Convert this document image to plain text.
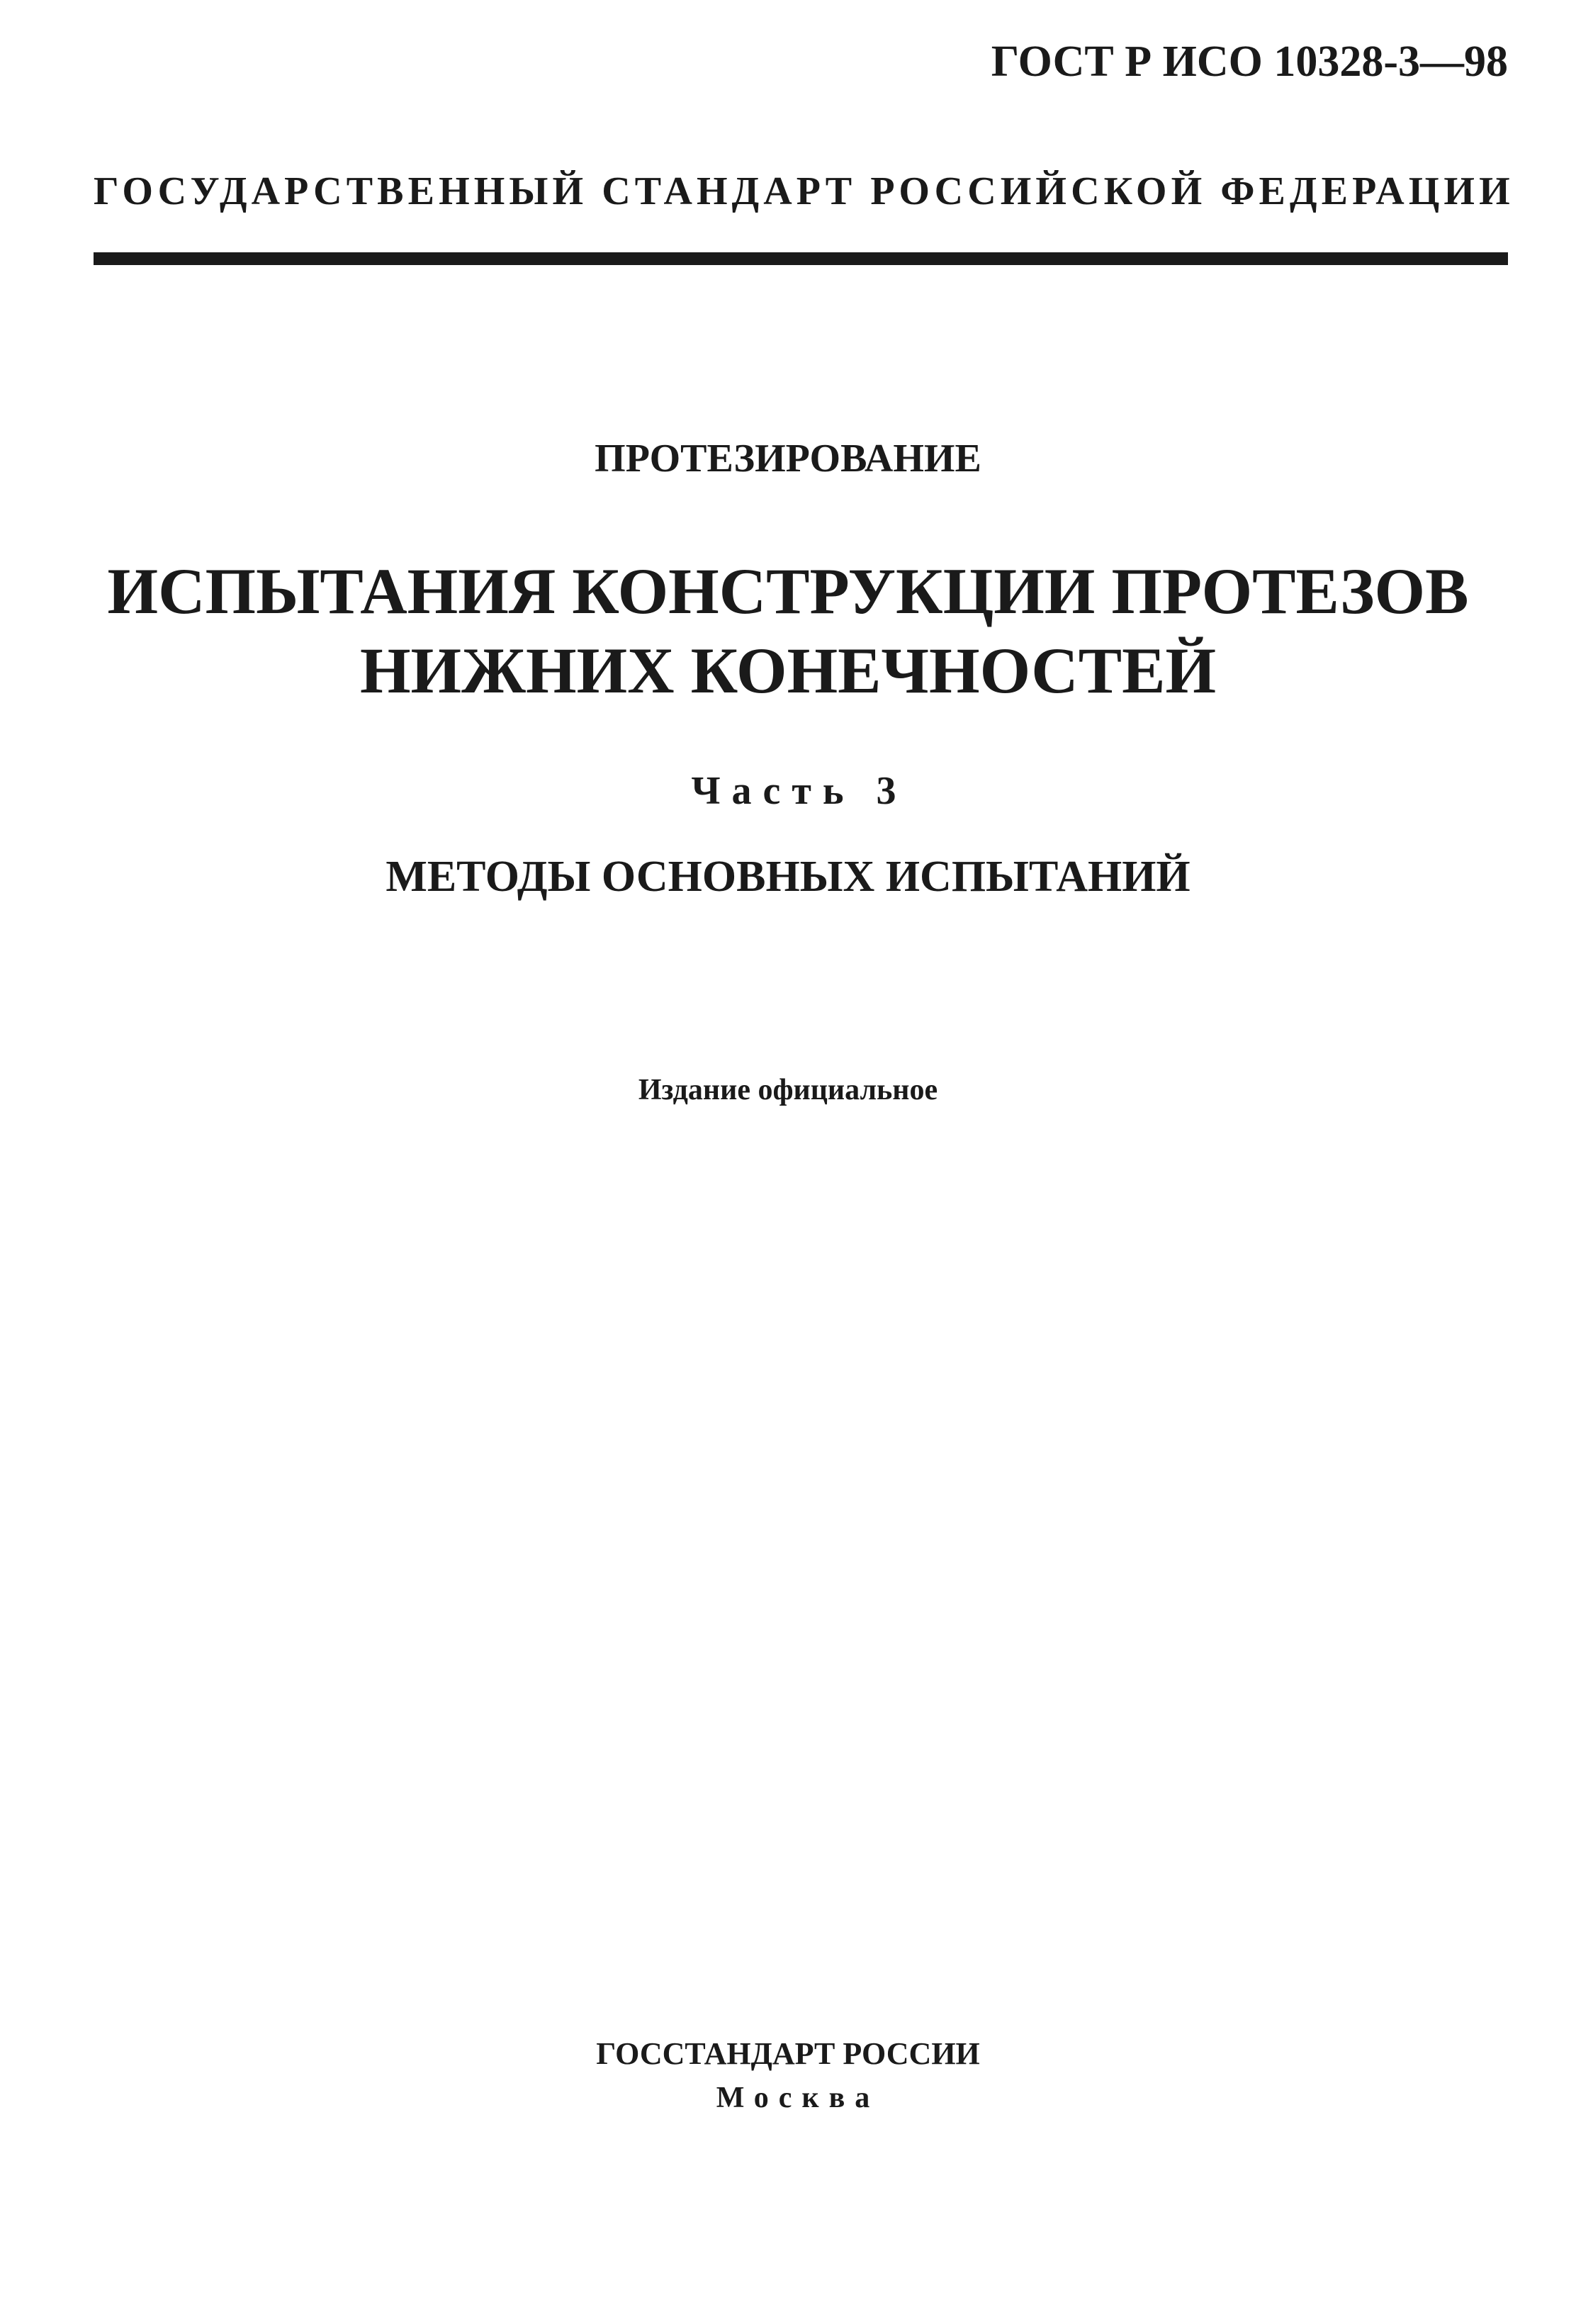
ГОСТ Р ИСО 10328-3—98
ГОСУДАРСТВЕННЫЙ СТАНДАРТ РОССИЙСКОЙ ФЕДЕРАЦИИ
ПРОТЕЗИРОВАНИЕ
ИСПЫТАНИЯ КОНСТРУКЦИИ ПРОТЕЗОВ
НИЖНИХ КОНЕЧНОСТЕЙ
Часть 3
МЕТОДЫ ОСНОВНЫХ ИСПЫТАНИЙ
Издание официальное
ГОССТАНДАРТ РОССИИ
Москва
